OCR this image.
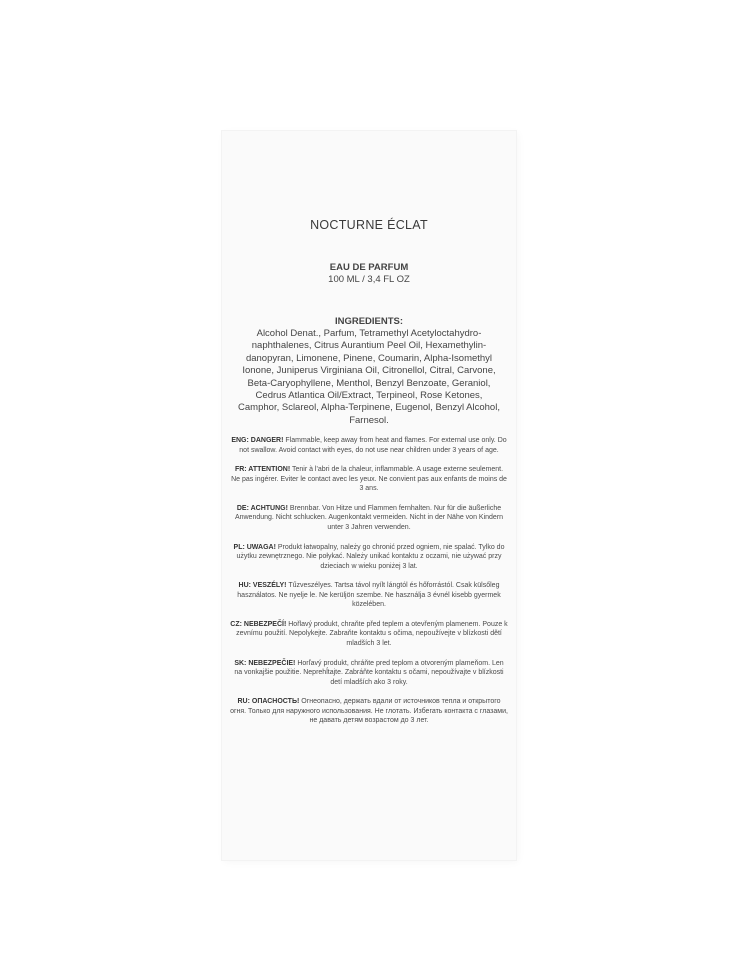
NOCTURNE ÉCLAT
EAU DE PARFUM
100 ML / 3,4 FL OZ
INGREDIENTS:
Alcohol Denat., Parfum, Tetramethyl Acetyloctahydro-naphthalenes, Citrus Aurantium Peel Oil, Hexamethylin-danopyran, Limonene, Pinene, Coumarin, Alpha-Isomethyl Ionone, Juniperus Virginiana Oil, Citronellol, Citral, Carvone, Beta-Caryophyllene, Menthol, Benzyl Benzoate, Geraniol, Cedrus Atlantica Oil/Extract, Terpineol, Rose Ketones, Camphor, Sclareol, Alpha-Terpinene, Eugenol, Benzyl Alcohol, Farnesol.
ENG: DANGER! Flammable, keep away from heat and flames. For external use only. Do not swallow. Avoid contact with eyes, do not use near children under 3 years of age.
FR: ATTENTION! Tenir à l'abri de la chaleur, inflammable. A usage externe seulement. Ne pas ingérer. Eviter le contact avec les yeux. Ne convient pas aux enfants de moins de 3 ans.
DE: ACHTUNG! Brennbar. Von Hitze und Flammen fernhalten. Nur für die äußerliche Anwendung. Nicht schlucken. Augenkontakt vermeiden. Nicht in der Nähe von Kindern unter 3 Jahren verwenden.
PL: UWAGA! Produkt łatwopalny, należy go chronić przed ogniem, nie spalać. Tylko do użytku zewnętrznego. Nie połykać. Należy unikać kontaktu z oczami, nie używać przy dzieciach w wieku poniżej 3 lat.
HU: VESZÉLY! Tűzveszélyes. Tartsa távol nyílt lángtól és hőforrástól. Csak külsőleg használatos. Ne nyelje le. Ne kerüljön szembe. Ne használja 3 évnél kisebb gyermek közelében.
CZ: NEBEZPEČÍ! Hořlavý produkt, chraňte před teplem a otevřeným plamenem. Pouze k zevnímu použití. Nepolykejte. Zabraňte kontaktu s očima, nepoužívejte v blízkosti dětí mladších 3 let.
SK: NEBEZPEČIE! Horľavý produkt, chráňte pred teplom a otvoreným plameňom. Len na vonkajšie použitie. Neprehĺtajte. Zabráňte kontaktu s očami, nepoužívajte v blízkosti detí mladších ako 3 roky.
RU: ОПАСНОСТЬ! Огнеопасно, держать вдали от источников тепла и открытого огня. Только для наружного использования. Не глотать. Избегать контакта с глазами, не давать детям возрастом до 3 лет.
